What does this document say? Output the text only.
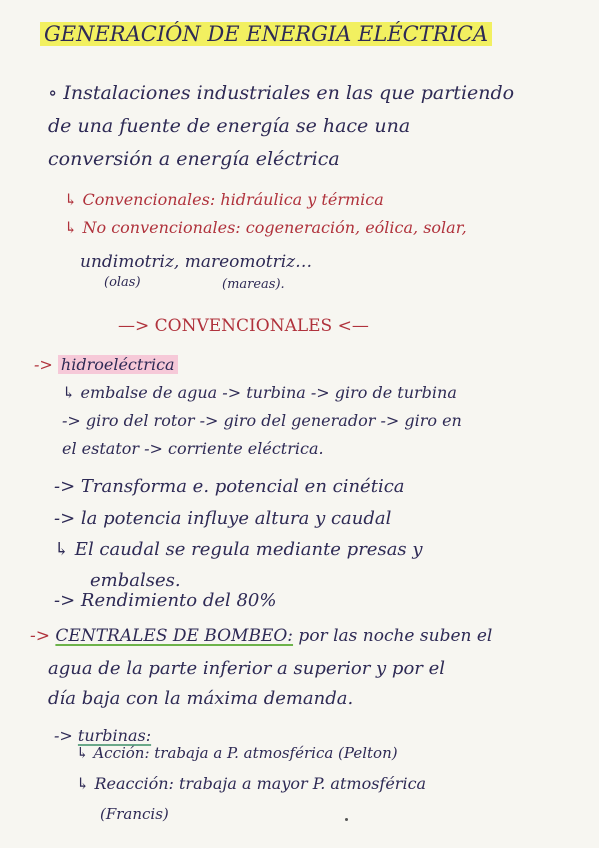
GENERACIÓN DE ENERGIA ELÉCTRICA
∘ Instalaciones industriales en las que partiendo
de una fuente de energía se hace una
conversión a energía eléctrica
↳ Convencionales: hidráulica y térmica
↳ No convencionales: cogeneración, eólica, solar,
undimotriz, mareomotriz…
(olas)	(mareas).
—> CONVENCIONALES <—
-> hidroeléctrica
↳ embalse de agua -> turbina -> giro de turbina
-> giro del rotor -> giro del generador -> giro en
el estator -> corriente eléctrica.
-> Transforma e. potencial en cinética
-> la potencia influye altura y caudal
↳ El caudal se regula mediante presas y
embalses.
-> Rendimiento del 80%
-> CENTRALES DE BOMBEO: por las noche suben el
agua de la parte inferior a superior y por el
día baja con la máxima demanda.
-> turbinas:
↳ Acción: trabaja a P. atmosférica (Pelton)
↳ Reacción: trabaja a mayor P. atmosférica
(Francis)
